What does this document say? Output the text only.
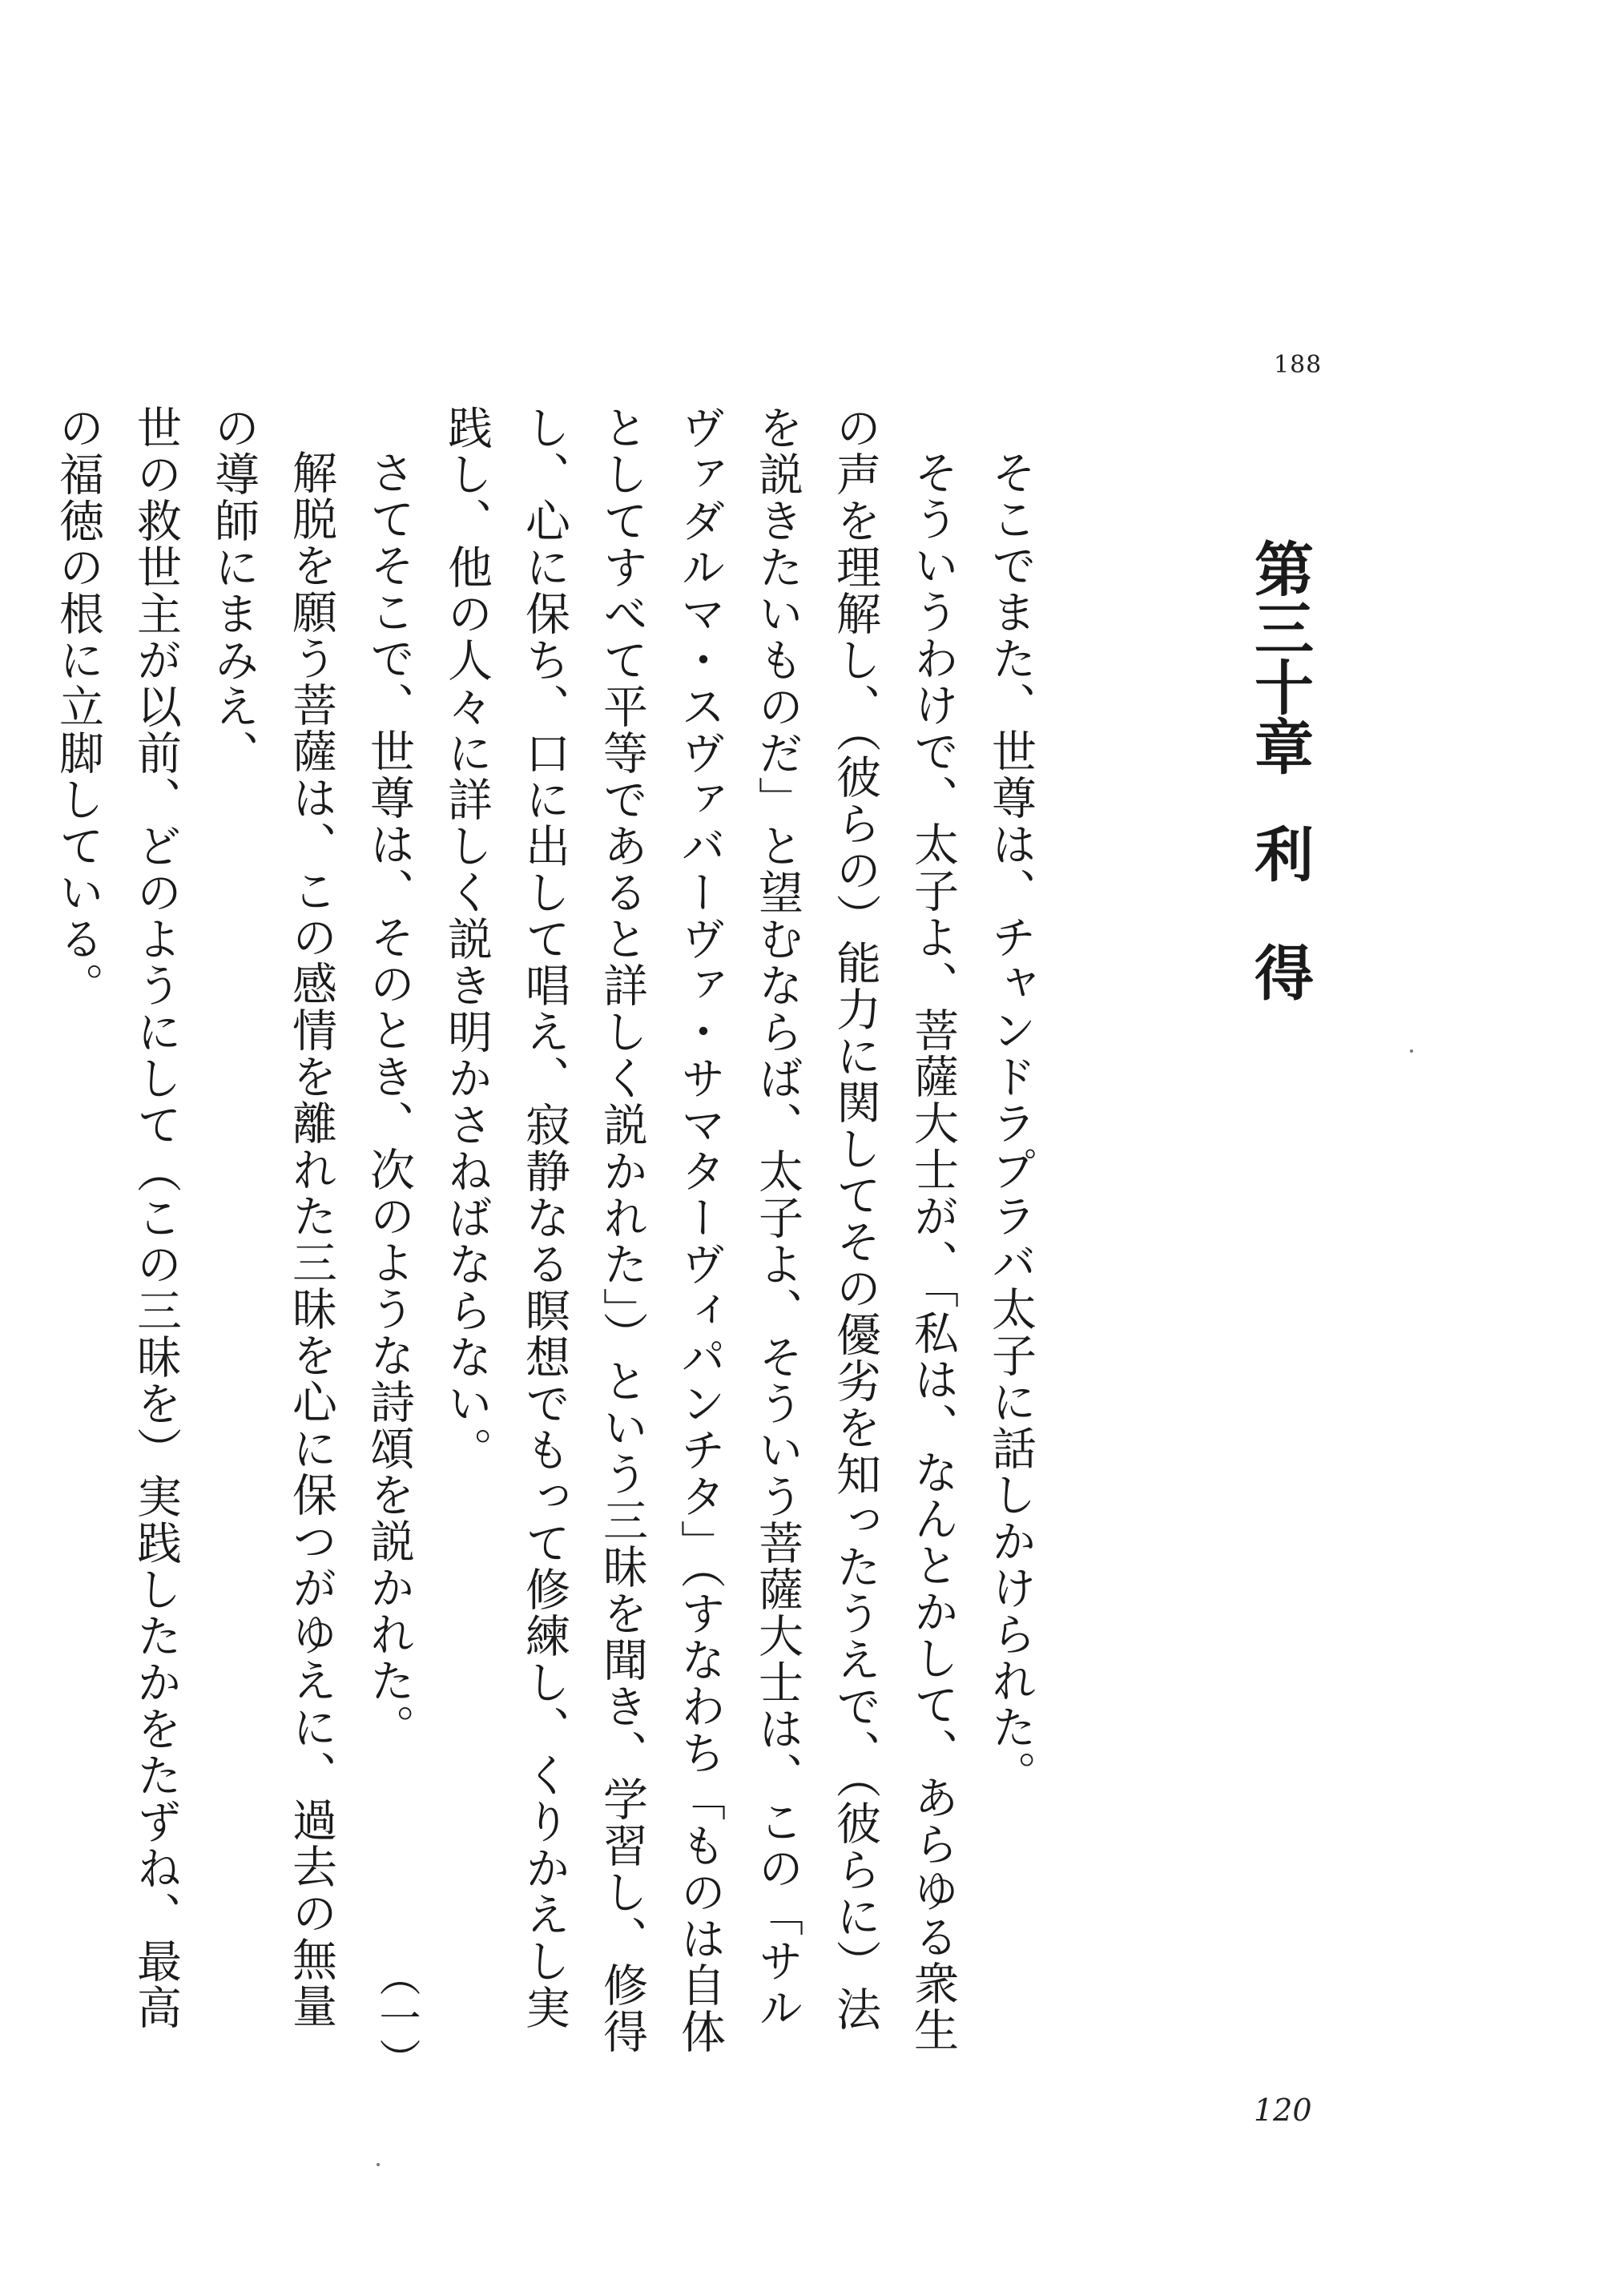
188
第三十章利　得

そこでまた、世尊は、チャンドラプラバ太子に話しかけられた。

そういうわけで、太子よ、菩薩大士が、「私は、なんとかして、あらゆる衆生の声を理解し、（彼らの）能力に関してその優劣を知ったうえで、（彼らに）法を説きたいものだ」と望むならば、太子よ、そういう菩薩大士は、この「サルヴァダルマ・スヴァバーヴァ・サマターヴィパンチタ」（すなわち「ものは自体としてすべて平等であると詳しく説かれた」）という三昧を聞き、学習し、修得し、心に保ち、口に出して唱え、寂静なる瞑想でもって修練し、くりかえし実践し、他の人々に詳しく説き明かさねばならない。

さてそこで、世尊は、そのとき、次のような詩頌を説かれた。

解脱を願う菩薩は、この感情を離れた三昧を心に保つがゆえに、過去の無量の導師にまみえ、

世の救世主が以前、どのようにして（この三昧を）実践したかをたずね、最高の福徳の根に立脚している。

（一）
120
